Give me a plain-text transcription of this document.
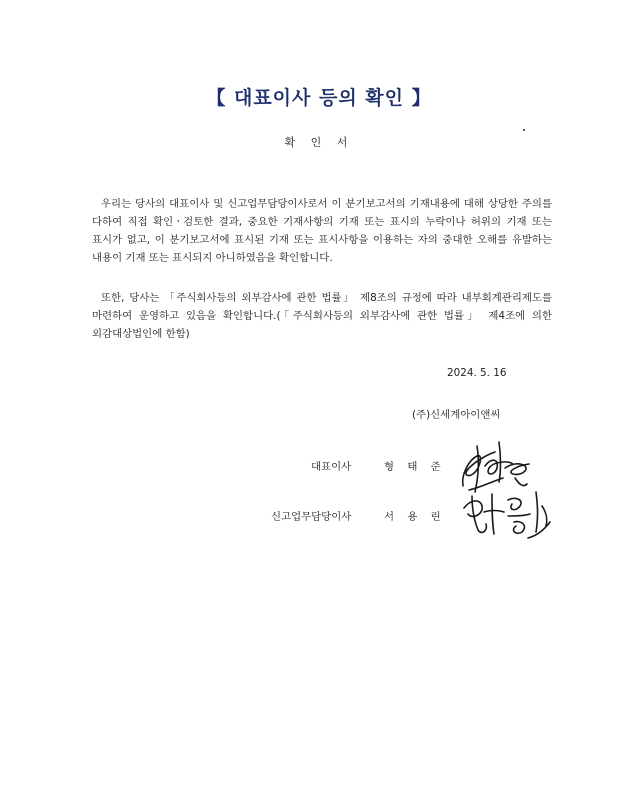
【 대표이사 등의 확인 】
확 인 서
우리는 당사의 대표이사 및 신고업무담당이사로서 이 분기보고서의 기재내용에 대해 상당한 주의를 다하여 직접 확인ㆍ검토한 결과, 중요한 기재사항의 기재 또는 표시의 누락이나 허위의 기재 또는 표시가 없고, 이 분기보고서에 표시된 기재 또는 표시사항을 이용하는 자의 중대한 오해를 유발하는 내용이 기재 또는 표시되지 아니하였음을 확인합니다.
또한, 당사는 「주식회사등의 외부감사에 관한 법률」 제8조의 규정에 따라 내부회계관리제도를 마련하여 운영하고 있음을 확인합니다.(「주식회사등의 외부감사에 관한 법률」 제4조에 의한 외감대상법인에 한함)
2024. 5. 16
(주)신세계아이앤씨
대표이사	형 태 준
신고업무담당이사	서 용 린
